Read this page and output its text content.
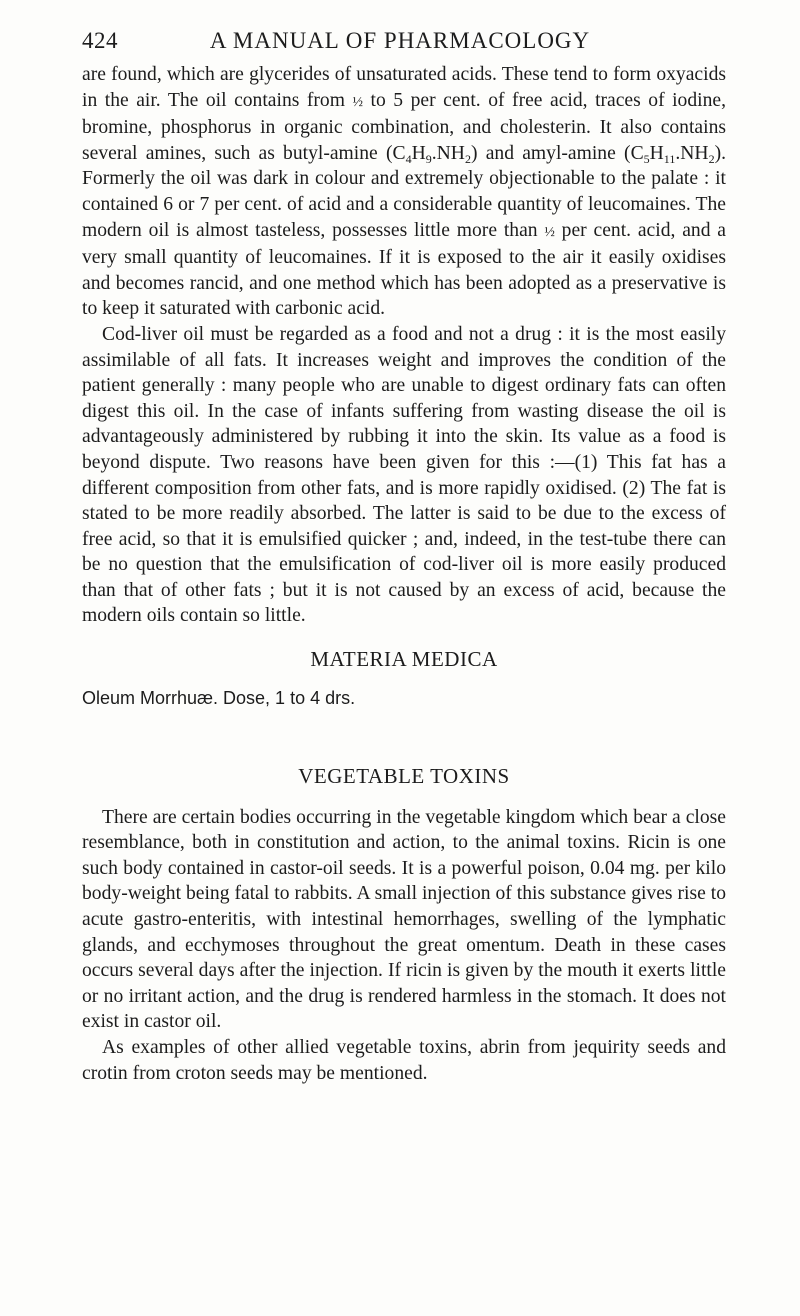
424	A MANUAL OF PHARMACOLOGY

are found, which are glycerides of unsaturated acids. These tend to form oxyacids in the air. The oil contains from ½ to 5 per cent. of free acid, traces of iodine, bromine, phosphorus in organic combination, and cholesterin. It also contains several amines, such as butyl-amine $(C_4H_9.NH_2)$ and amyl-amine $(C_5H_{11}.NH_2)$. Formerly the oil was dark in colour and extremely objectionable to the palate : it contained 6 or 7 per cent. of acid and a considerable quantity of leucomaines. The modern oil is almost tasteless, possesses little more than ½ per cent. acid, and a very small quantity of leucomaines. If it is exposed to the air it easily oxidises and becomes rancid, and one method which has been adopted as a preservative is to keep it saturated with carbonic acid.

Cod-liver oil must be regarded as a food and not a drug : it is the most easily assimilable of all fats. It increases weight and improves the condition of the patient generally : many people who are unable to digest ordinary fats can often digest this oil. In the case of infants suffering from wasting disease the oil is advantageously administered by rubbing it into the skin. Its value as a food is beyond dispute. Two reasons have been given for this :—(1) This fat has a different composition from other fats, and is more rapidly oxidised. (2) The fat is stated to be more readily absorbed. The latter is said to be due to the excess of free acid, so that it is emulsified quicker ; and, indeed, in the test-tube there can be no question that the emulsification of cod-liver oil is more easily produced than that of other fats ; but it is not caused by an excess of acid, because the modern oils contain so little.

MATERIA MEDICA

Oleum Morrhuæ. Dose, 1 to 4 drs.

VEGETABLE TOXINS

There are certain bodies occurring in the vegetable kingdom which bear a close resemblance, both in constitution and action, to the animal toxins. Ricin is one such body contained in castor-oil seeds. It is a powerful poison, 0.04 mg. per kilo body-weight being fatal to rabbits. A small injection of this substance gives rise to acute gastro-enteritis, with intestinal hemorrhages, swelling of the lymphatic glands, and ecchymoses throughout the great omentum. Death in these cases occurs several days after the injection. If ricin is given by the mouth it exerts little or no irritant action, and the drug is rendered harmless in the stomach. It does not exist in castor oil.

As examples of other allied vegetable toxins, abrin from jequirity seeds and crotin from croton seeds may be mentioned.
